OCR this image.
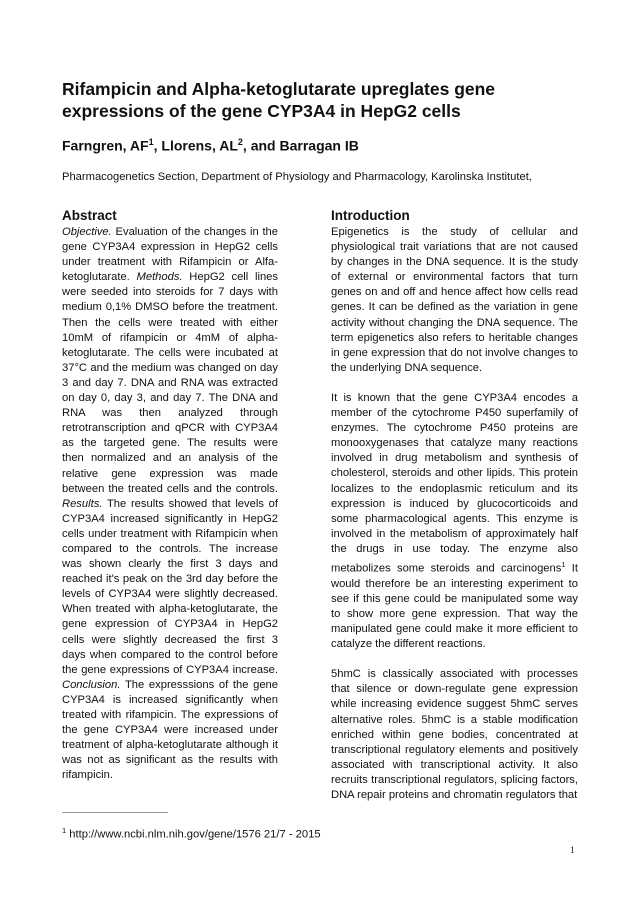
Rifampicin and Alpha-ketoglutarate upreglates gene expressions of the gene CYP3A4 in HepG2 cells

Farngren, $AF^1$, Llorens, $AL^2$, and Barragan IB

Pharmacogenetics Section, Department of Physiology and Pharmacology, Karolinska Institutet,

Abstract

Objective. Evaluation of the changes in the gene CYP3A4 expression in HepG2 cells under treatment with Rifampicin or Alfa-ketoglutarate. Methods. HepG2 cell lines were seeded into steroids for 7 days with medium 0,1% DMSO before the treatment. Then the cells were treated with either 10mM of rifampicin or 4mM of alpha-ketoglutarate. The cells were incubated at 37°C and the medium was changed on day 3 and day 7. DNA and RNA was extracted on day 0, day 3, and day 7. The DNA and RNA was then analyzed through retrotranscription and qPCR with CYP3A4 as the targeted gene. The results were then normalized and an analysis of the relative gene expression was made between the treated cells and the controls. Results. The results showed that levels of CYP3A4 increased significantly in HepG2 cells under treatment with Rifampicin when compared to the controls. The increase was shown clearly the first 3 days and reached it's peak on the 3rd day before the levels of CYP3A4 were slightly decreased. When treated with alpha-ketoglutarate, the gene expression of CYP3A4 in HepG2 cells were slightly decreased the first 3 days when compared to the control before the gene expressions of CYP3A4 increase. Conclusion. The expresssions of the gene CYP3A4 is increased significantly when treated with rifampicin. The expressions of the gene CYP3A4 were increased under treatment of alpha-ketoglutarate although it was not as significant as the results with rifampicin.

Introduction

Epigenetics is the study of cellular and physiological trait variations that are not caused by changes in the DNA sequence. It is the study of external or environmental factors that turn genes on and off and hence affect how cells read genes. It can be defined as the variation in gene activity without changing the DNA sequence. The term epigenetics also refers to heritable changes in gene expression that do not involve changes to the underlying DNA sequence.

It is known that the gene CYP3A4 encodes a member of the cytochrome P450 superfamily of enzymes. The cytochrome P450 proteins are monooxygenases that catalyze many reactions involved in drug metabolism and synthesis of cholesterol, steroids and other lipids. This protein localizes to the endoplasmic reticulum and its expression is induced by glucocorticoids and some pharmacological agents. This enzyme is involved in the metabolism of approximately half the drugs in use today. The enzyme also metabolizes some steroids and carcinogens$^1$ It would therefore be an interesting experiment to see if this gene could be manipulated some way to show more gene expression. That way the manipulated gene could make it more efficient to catalyze the different reactions.

5hmC is classically associated with processes that silence or down-regulate gene expression while increasing evidence suggest 5hmC serves alternative roles. 5hmC is a stable modification enriched within gene bodies, concentrated at transcriptional regulatory elements and positively associated with transcriptional activity. It also recruits transcriptional regulators, splicing factors, DNA repair proteins and chromatin regulators that

$^1$ http://www.ncbi.nlm.nih.gov/gene/1576 21/7 - 2015

1
